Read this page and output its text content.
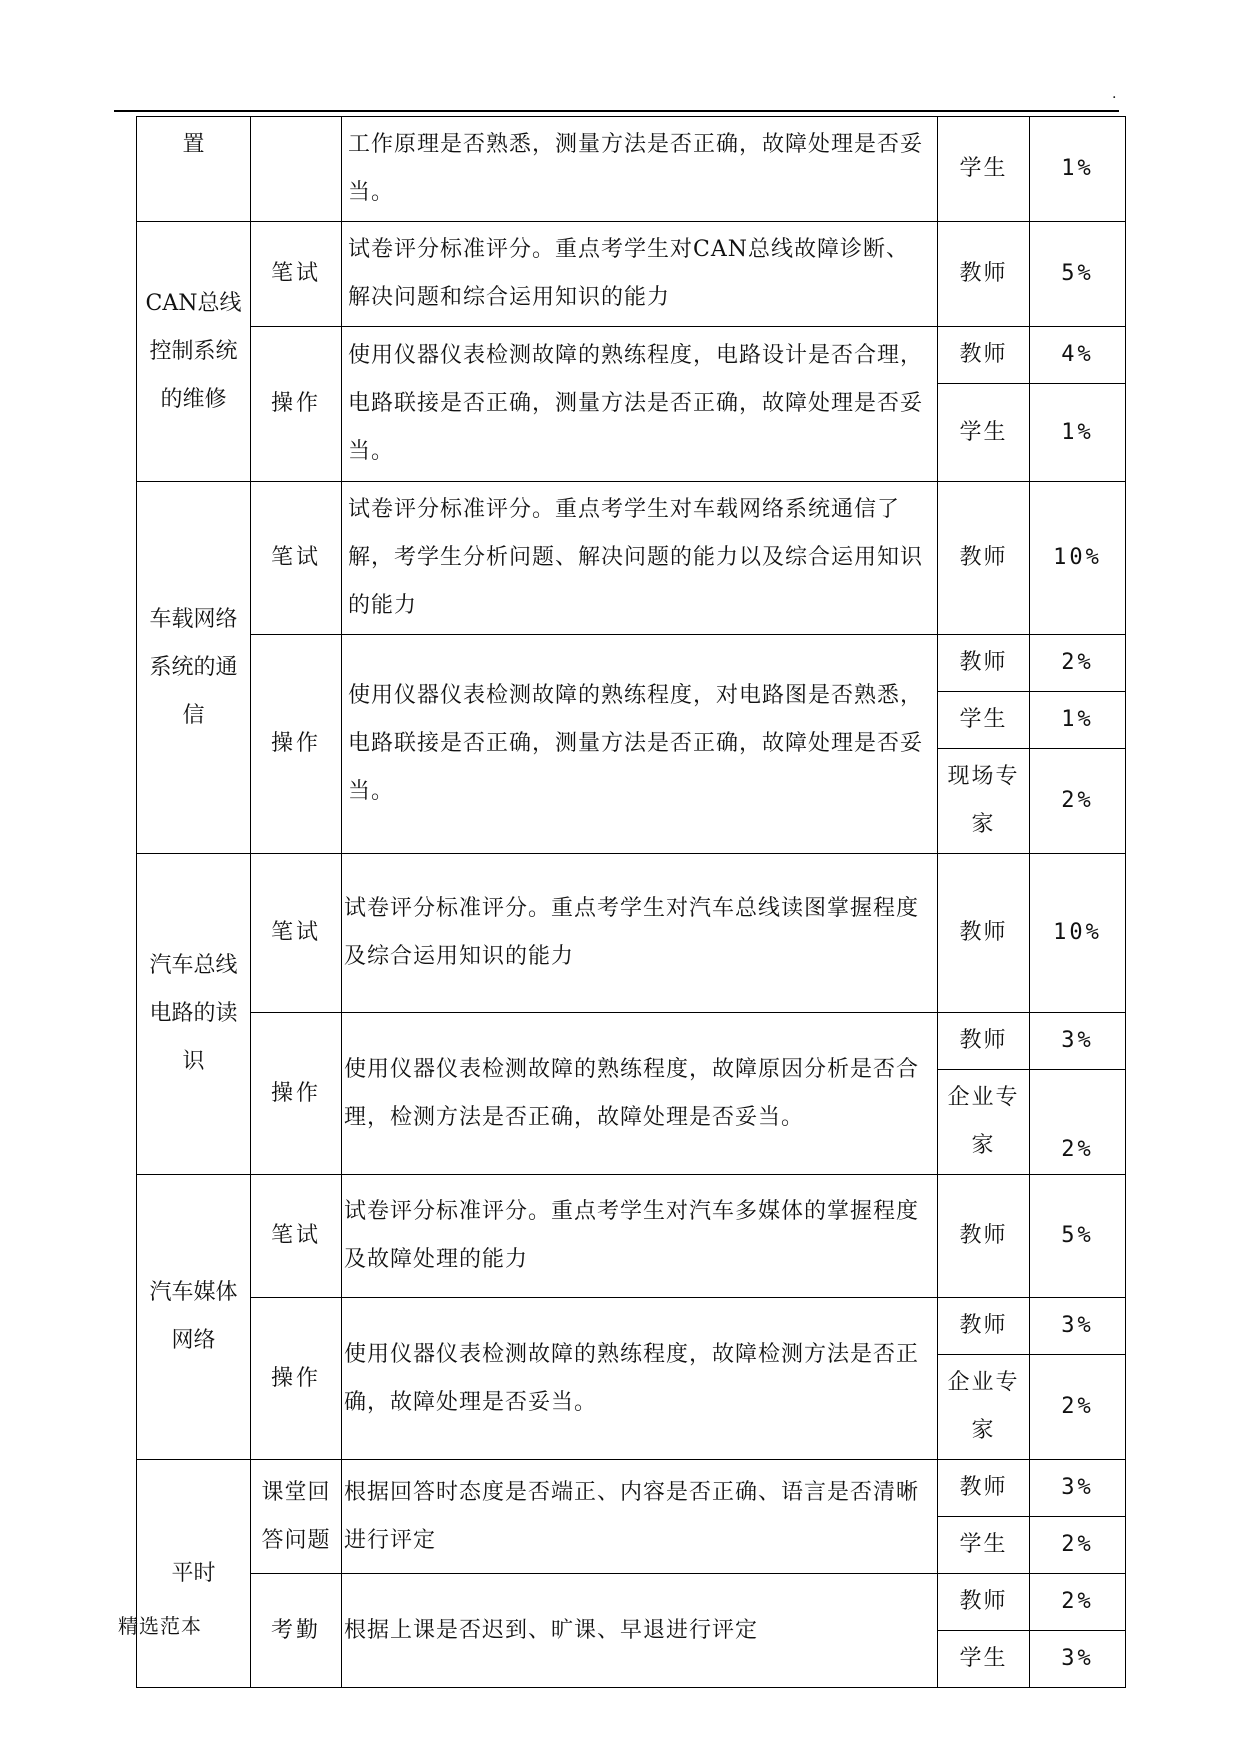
.
置		工作原理是否熟悉，测量方法是否正确，故障处理是否妥当。	学生	1%
CAN总线控制系统的维修	笔试	试卷评分标准评分。重点考学生对CAN总线故障诊断、解决问题和综合运用知识的能力	教师	5%
	操作	使用仪器仪表检测故障的熟练程度，电路设计是否合理，电路联接是否正确，测量方法是否正确，故障处理是否妥当。	教师	4%
			学生	1%
车载网络系统的通信	笔试	试卷评分标准评分。重点考学生对车载网络系统通信了解，考学生分析问题、解决问题的能力以及综合运用知识的能力	教师	10%
	操作	使用仪器仪表检测故障的熟练程度，对电路图是否熟悉，电路联接是否正确，测量方法是否正确，故障处理是否妥当。	教师	2%
			学生	1%
			现场专家	2%
汽车总线电路的读识	笔试	试卷评分标准评分。重点考学生对汽车总线读图掌握程度及综合运用知识的能力	教师	10%
	操作	使用仪器仪表检测故障的熟练程度，故障原因分析是否合理，检测方法是否正确，故障处理是否妥当。	教师	3%
			企业专家	2%
汽车媒体网络	笔试	试卷评分标准评分。重点考学生对汽车多媒体的掌握程度及故障处理的能力	教师	5%
	操作	使用仪器仪表检测故障的熟练程度，故障检测方法是否正确，故障处理是否妥当。	教师	3%
			企业专家	2%
平时	课堂回答问题	根据回答时态度是否端正、内容是否正确、语言是否清晰进行评定	教师	3%
			学生	2%
	考勤	根据上课是否迟到、旷课、早退进行评定	教师	2%
			学生	3%
精选范本
